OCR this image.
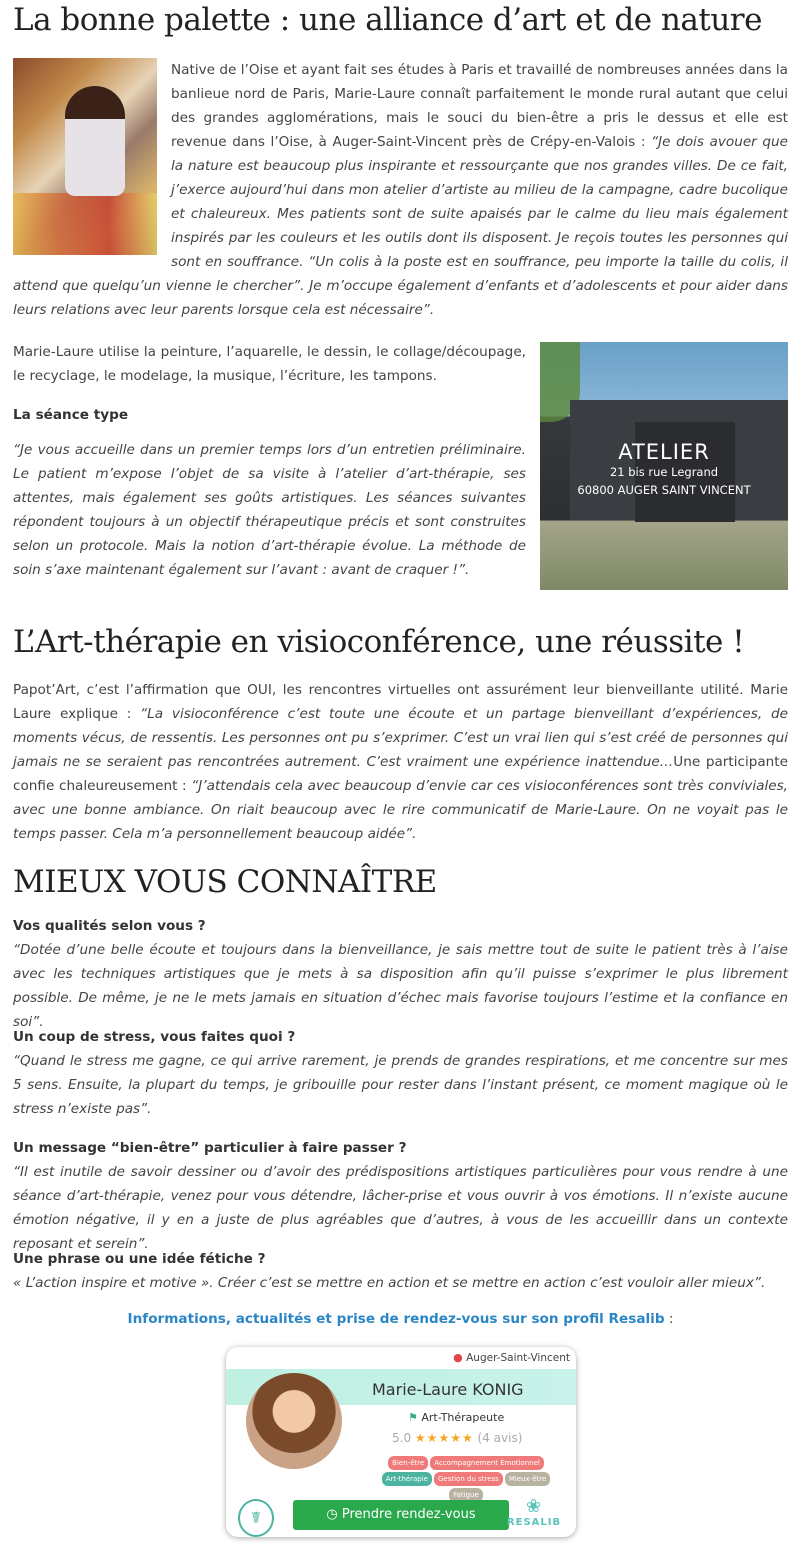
La bonne palette : une alliance d’art et de nature

Native de l’Oise et ayant fait ses études à Paris et travaillé de nombreuses années dans la banlieue nord de Paris, Marie-Laure connaît parfaitement le monde rural autant que celui des grandes agglomérations, mais le souci du bien-être a pris le dessus et elle est revenue dans l’Oise, à Auger-Saint-Vincent près de Crépy-en-Valois : “Je dois avouer que la nature est beaucoup plus inspirante et ressourçante que nos grandes villes. De ce fait, j’exerce aujourd’hui dans mon atelier d’artiste au milieu de la campagne, cadre bucolique et chaleureux. Mes patients sont de suite apaisés par le calme du lieu mais également inspirés par les couleurs et les outils dont ils disposent. Je reçois toutes les personnes qui sont en souffrance. “Un colis à la poste est en souffrance, peu importe la taille du colis, il attend que quelqu’un vienne le chercher”. Je m’occupe également d’enfants et d’adolescents et pour aider dans leurs relations avec leur parents lorsque cela est nécessaire”.

ATELIER
21 bis rue Legrand
60800 AUGER SAINT VINCENT

Marie-Laure utilise la peinture, l’aquarelle, le dessin, le collage/découpage, le recyclage, le modelage, la musique, l’écriture, les tampons.

La séance type

“Je vous accueille dans un premier temps lors d’un entretien préliminaire. Le patient m’expose l’objet de sa visite à l’atelier d’art-thérapie, ses attentes, mais également ses goûts artistiques. Les séances suivantes répondent toujours à un objectif thérapeutique précis et sont construites selon un protocole. Mais la notion d’art-thérapie évolue. La méthode de soin s’axe maintenant également sur l’avant : avant de craquer !”.

L’Art-thérapie en visioconférence, une réussite !

Papot’Art, c’est l’affirmation que OUI, les rencontres virtuelles ont assurément leur bienveillante utilité. Marie Laure explique : “La visioconférence c’est toute une écoute et un partage bienveillant d’expériences, de moments vécus, de ressentis. Les personnes ont pu s’exprimer. C’est un vrai lien qui s’est créé de personnes qui jamais ne se seraient pas rencontrées autrement. C’est vraiment une expérience inattendue…Une participante confie chaleureusement : “J’attendais cela avec beaucoup d’envie car ces visioconférences sont très conviviales, avec une bonne ambiance. On riait beaucoup avec le rire communicatif de Marie-Laure. On ne voyait pas le temps passer. Cela m’a personnellement beaucoup aidée”.

MIEUX VOUS CONNAÎTRE
Vos qualités selon vous ?

“Dotée d’une belle écoute et toujours dans la bienveillance, je sais mettre tout de suite le patient très à l’aise avec les techniques artistiques que je mets à sa disposition afin qu’il puisse s’exprimer le plus librement possible. De même, je ne le mets jamais en situation d’échec mais favorise toujours l’estime et la confiance en soi”.

Un coup de stress, vous faites quoi ?

“Quand le stress me gagne, ce qui arrive rarement, je prends de grandes respirations, et me concentre sur mes 5 sens. Ensuite, la plupart du temps, je gribouille pour rester dans l’instant présent, ce moment magique où le stress n’existe pas”.

Un message “bien-être” particulier à faire passer ?

“Il est inutile de savoir dessiner ou d’avoir des prédispositions artistiques particulières pour vous rendre à une séance d’art-thérapie, venez pour vous détendre, lâcher-prise et vous ouvrir à vos émotions. Il n’existe aucune émotion négative, il y en a juste de plus agréables que d’autres, à vous de les accueillir dans un contexte reposant et serein”.

Une phrase ou une idée fétiche ?

« L’action inspire et motive ». Créer c’est se mettre en action et se mettre en action c’est vouloir aller mieux”.

Informations, actualités et prise de rendez-vous sur son profil Resalib :
● Auger-Saint-Vincent
Marie-Laure KONIG
⚑ Art-Thérapeute
5.0 ★★★★★ (4 avis)
Bien-être Accompagnement Émotionnel
Art-thérapie Gestion du stress Mieux-être
Fatigue
☤	◷ Prendre rendez-vous	❀
RESALIB
